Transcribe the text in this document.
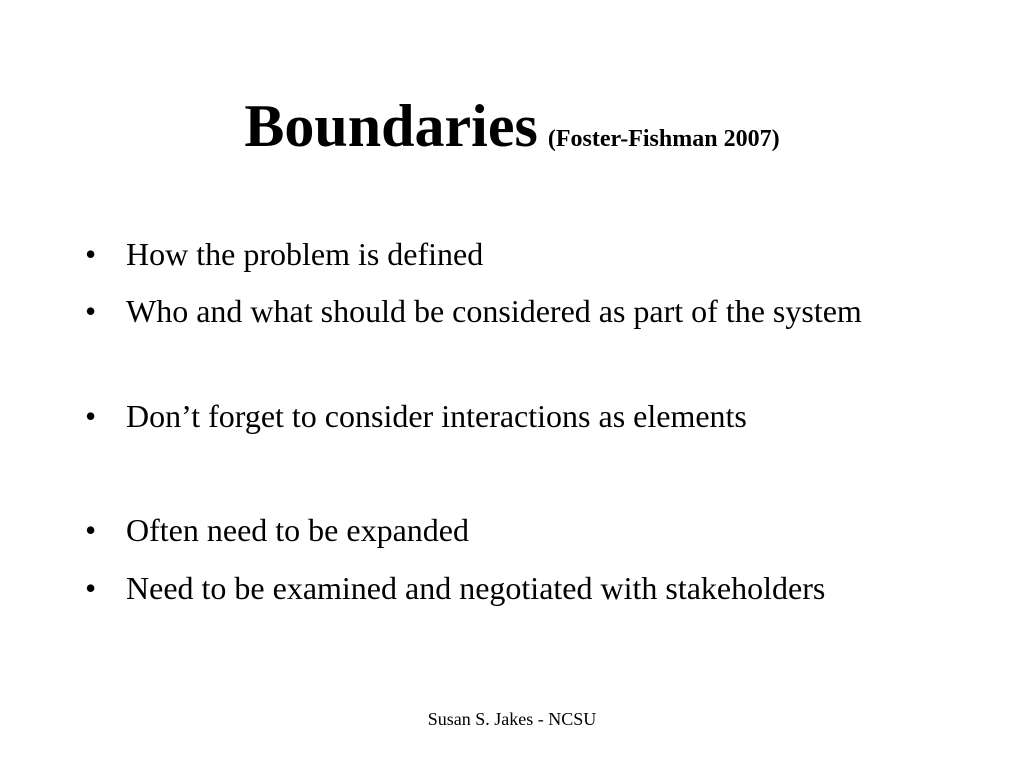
Boundaries (Foster-Fishman 2007)
• How the problem is defined
• Who and what should be considered as part of the system
• Don’t forget to consider interactions as elements
• Often need to be expanded
• Need to be examined and negotiated with stakeholders
Susan S. Jakes - NCSU
